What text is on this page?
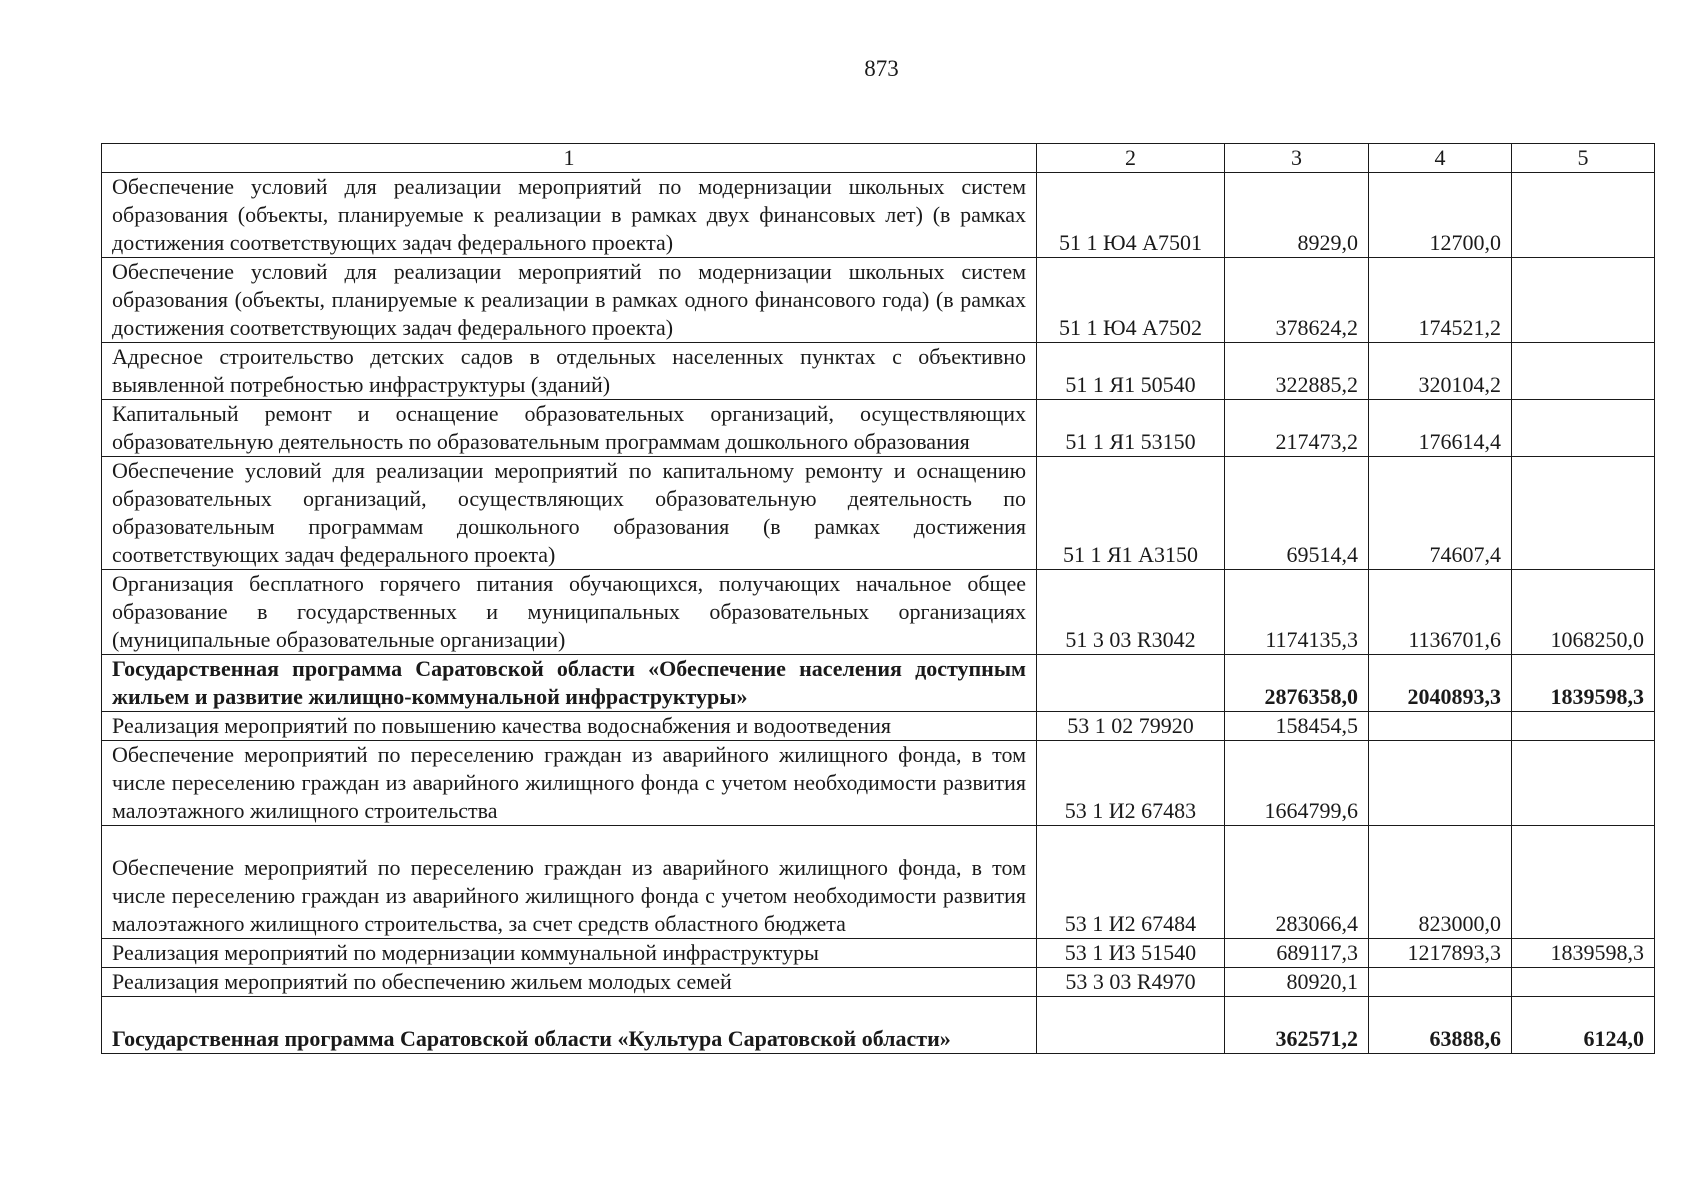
873
1	2	3	4	5
Обеспечение условий для реализации мероприятий по модернизации школьных систем образования (объекты, планируемые к реализации в рамках двух финансовых лет) (в рамках достижения соответствующих задач федерального проекта)	51 1 Ю4 А7501	8929,0	12700,0	
Обеспечение условий для реализации мероприятий по модернизации школьных систем образования (объекты, планируемые к реализации в рамках одного финансового года) (в рамках достижения соответствующих задач федерального проекта)	51 1 Ю4 А7502	378624,2	174521,2	
Адресное строительство детских садов в отдельных населенных пунктах с объективно выявленной потребностью инфраструктуры (зданий)	51 1 Я1 50540	322885,2	320104,2	
Капитальный ремонт и оснащение образовательных организаций, осуществляющих образовательную деятельность по образовательным программам дошкольного образования	51 1 Я1 53150	217473,2	176614,4	
Обеспечение условий для реализации мероприятий по капитальному ремонту и оснащению образовательных организаций, осуществляющих образовательную деятельность по образовательным программам дошкольного образования (в рамках достижения соответствующих задач федерального проекта)	51 1 Я1 А3150	69514,4	74607,4	
Организация бесплатного горячего питания обучающихся, получающих начальное общее образование в государственных и муниципальных образовательных организациях (муниципальные образовательные организации)	51 3 03 R3042	1174135,3	1136701,6	1068250,0
Государственная программа Саратовской области «Обеспечение населения доступным жильем и развитие жилищно-коммунальной инфраструктуры»		2876358,0	2040893,3	1839598,3
Реализация мероприятий по повышению качества водоснабжения и водоотведения	53 1 02 79920	158454,5		
Обеспечение мероприятий по переселению граждан из аварийного жилищного фонда, в том числе переселению граждан из аварийного жилищного фонда с учетом необходимости развития малоэтажного жилищного строительства	53 1 И2 67483	1664799,6		
Обеспечение мероприятий по переселению граждан из аварийного жилищного фонда, в том числе переселению граждан из аварийного жилищного фонда с учетом необходимости развития малоэтажного жилищного строительства, за счет средств областного бюджета	53 1 И2 67484	283066,4	823000,0	
Реализация мероприятий по модернизации коммунальной инфраструктуры	53 1 И3 51540	689117,3	1217893,3	1839598,3
Реализация мероприятий по обеспечению жильем молодых семей	53 3 03 R4970	80920,1		
Государственная программа Саратовской области «Культура Саратовской области»		362571,2	63888,6	6124,0
